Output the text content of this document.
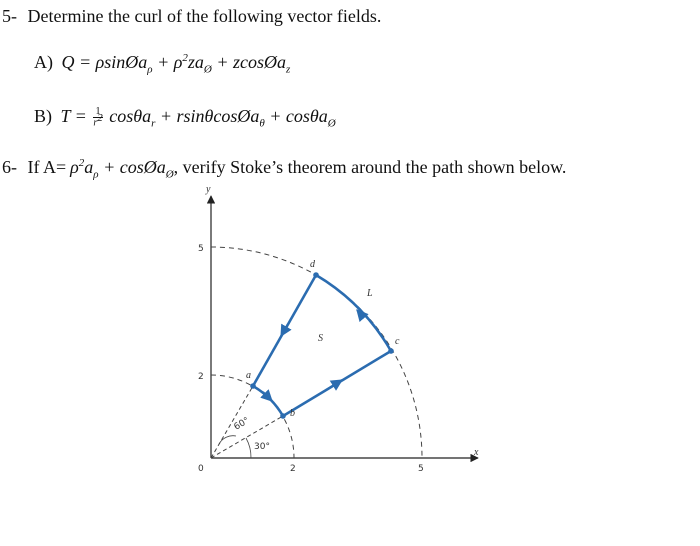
5- Determine the curl of the following vector fields.
A) Q = ρsinØa$_\rho$ + $\rho^2za_Ø$ + zcosØa$_z$
B) $T = \frac{1}{r^2} \cos\theta a_r$ + rsinθcosØa$_\theta$ + cosθa$_Ø$
6- If $A= \rho^2a_\rho$ + cosØa$_Ø$, verify Stoke’s theorem around the path shown below.
y
x
0
5
2
2	5
60°
30°
a
b
c
d
S
L
